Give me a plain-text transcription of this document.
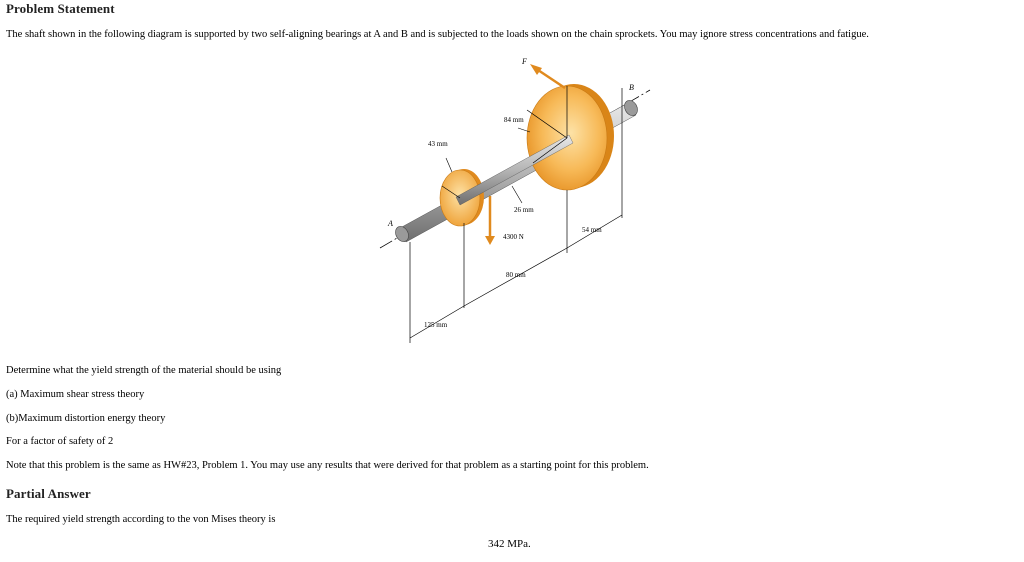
Problem Statement
The shaft shown in the following diagram is supported by two self-aligning bearings at A and B and is subjected to the loads shown on the chain sprockets. You may ignore stress concentrations and fatigue.
F
4300 N
A
B
84 mm
43 mm
26 mm
54 mm
80 mm
125 mm
Determine what the yield strength of the material should be using
(a) Maximum shear stress theory
(b)Maximum distortion energy theory
For a factor of safety of 2
Note that this problem is the same as HW#23, Problem 1. You may use any results that were derived for that problem as a starting point for this problem.
Partial Answer
The required yield strength according to the von Mises theory is
342 MPa.
